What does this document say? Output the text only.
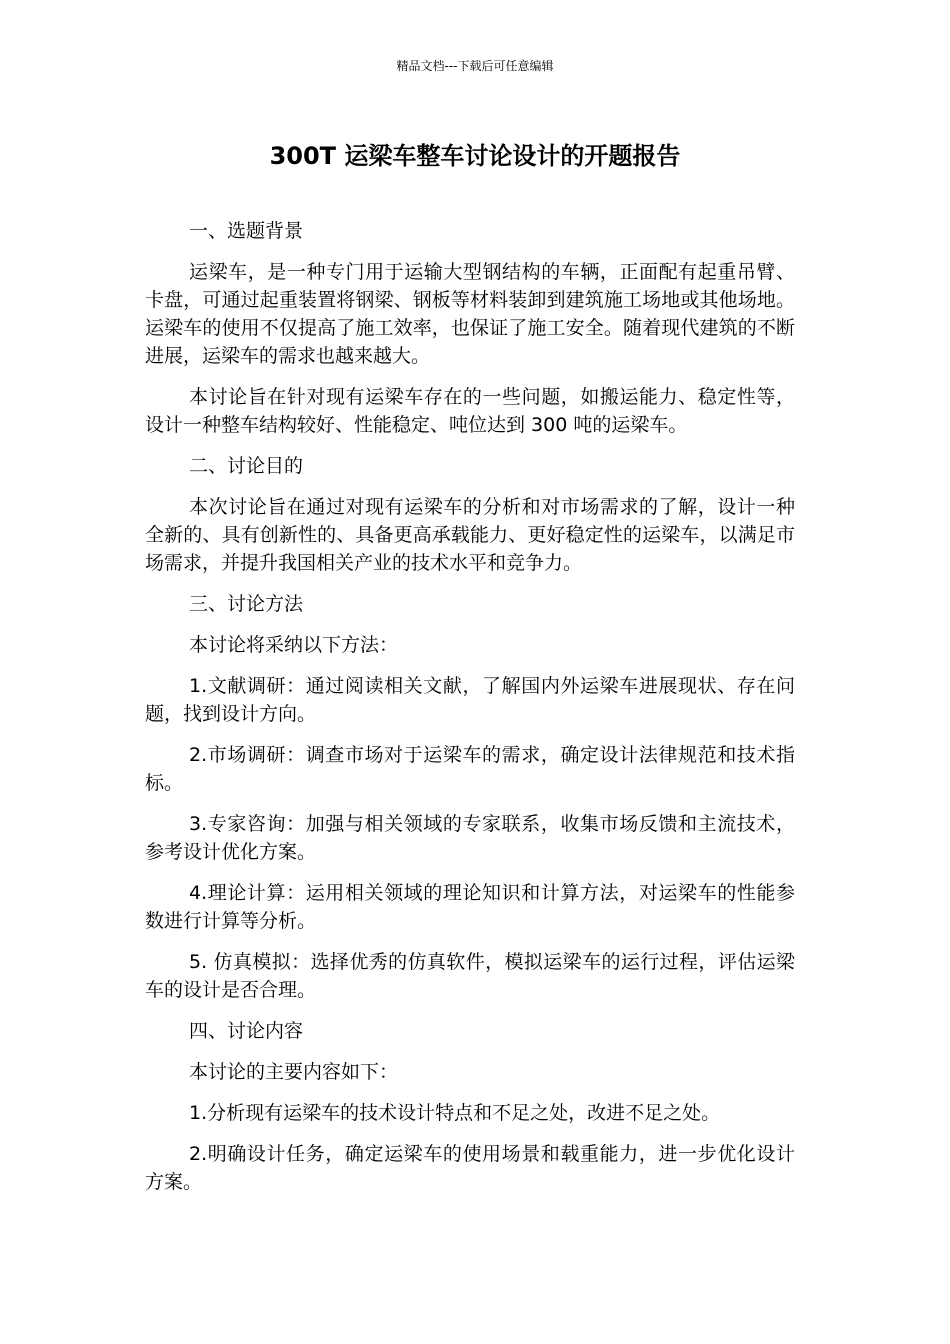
精品文档---下载后可任意编辑
300T 运梁车整车讨论设计的开题报告

一、选题背景

运梁车，是一种专门用于运输大型钢结构的车辆，正面配有起重吊臂、卡盘，可通过起重装置将钢梁、钢板等材料装卸到建筑施工场地或其他场地。运梁车的使用不仅提高了施工效率，也保证了施工安全。随着现代建筑的不断进展，运梁车的需求也越来越大。

本讨论旨在针对现有运梁车存在的一些问题，如搬运能力、稳定性等，设计一种整车结构较好、性能稳定、吨位达到 300 吨的运梁车。

二、讨论目的

本次讨论旨在通过对现有运梁车的分析和对市场需求的了解，设计一种全新的、具有创新性的、具备更高承载能力、更好稳定性的运梁车，以满足市场需求，并提升我国相关产业的技术水平和竞争力。

三、讨论方法

本讨论将采纳以下方法：

1.文献调研：通过阅读相关文献，了解国内外运梁车进展现状、存在问题，找到设计方向。

2.市场调研：调查市场对于运梁车的需求，确定设计法律规范和技术指标。

3.专家咨询：加强与相关领域的专家联系，收集市场反馈和主流技术，参考设计优化方案。

4.理论计算：运用相关领域的理论知识和计算方法，对运梁车的性能参数进行计算等分析。

5. 仿真模拟：选择优秀的仿真软件，模拟运梁车的运行过程，评估运梁车的设计是否合理。

四、讨论内容

本讨论的主要内容如下：

1.分析现有运梁车的技术设计特点和不足之处，改进不足之处。

2.明确设计任务，确定运梁车的使用场景和载重能力，进一步优化设计方案。
